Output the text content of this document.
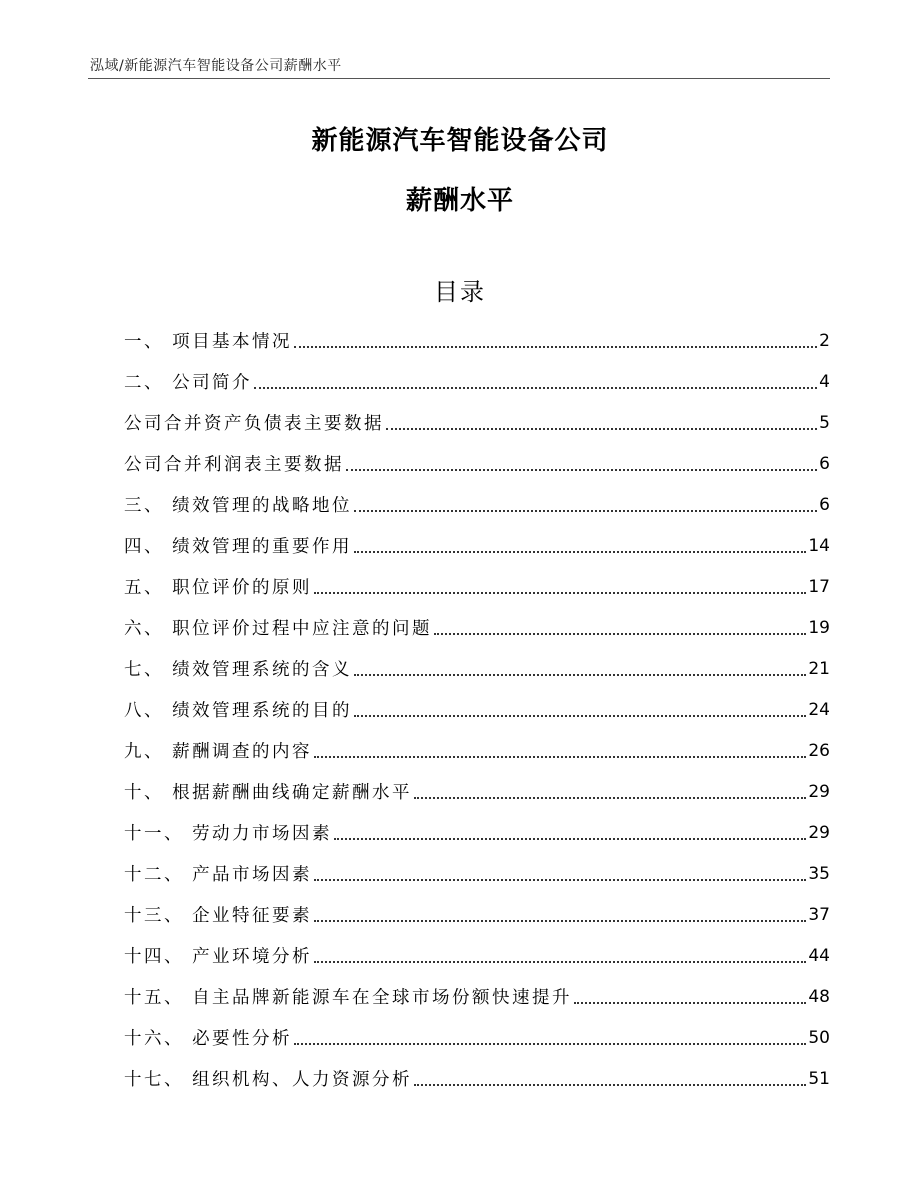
泓域/新能源汽车智能设备公司薪酬水平
新能源汽车智能设备公司
薪酬水平
目录
一、 项目基本情况	2
二、 公司简介	4
公司合并资产负债表主要数据	5
公司合并利润表主要数据	6
三、 绩效管理的战略地位	6
四、 绩效管理的重要作用	14
五、 职位评价的原则	17
六、 职位评价过程中应注意的问题	19
七、 绩效管理系统的含义	21
八、 绩效管理系统的目的	24
九、 薪酬调查的内容	26
十、 根据薪酬曲线确定薪酬水平	29
十一、 劳动力市场因素	29
十二、 产品市场因素	35
十三、 企业特征要素	37
十四、 产业环境分析	44
十五、 自主品牌新能源车在全球市场份额快速提升	48
十六、 必要性分析	50
十七、 组织机构、人力资源分析	51
